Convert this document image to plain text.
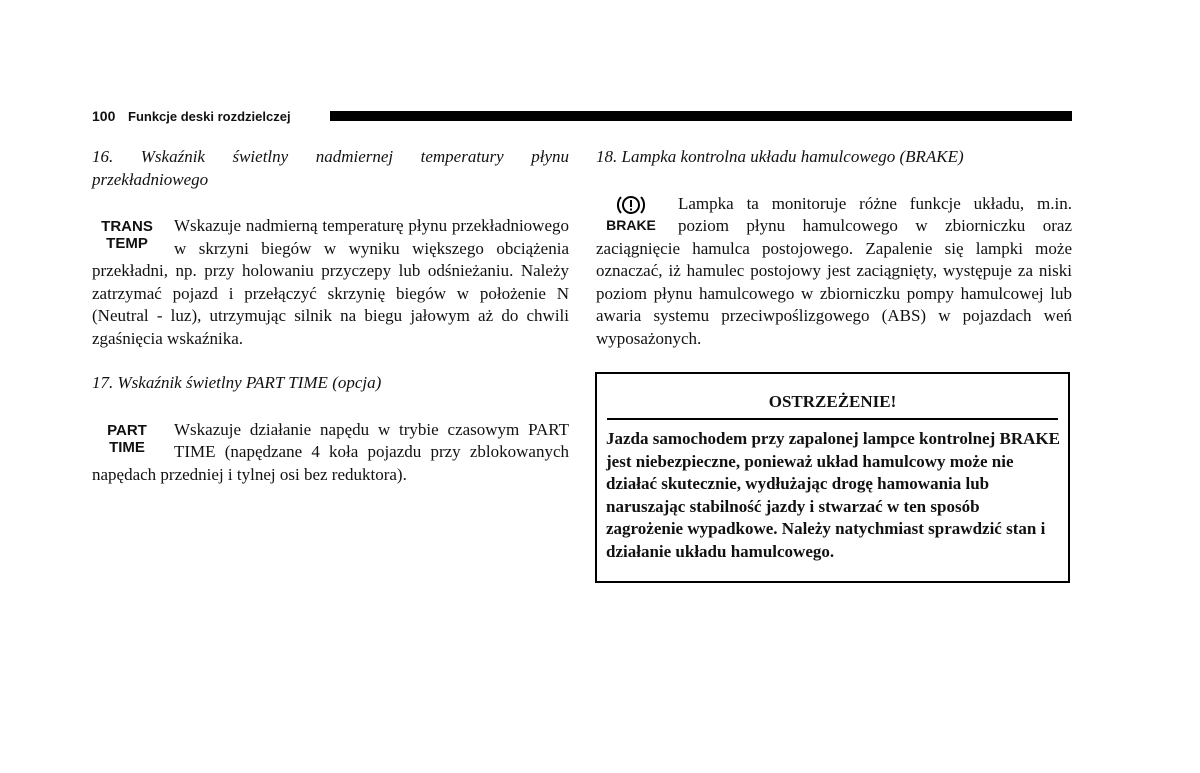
100 Funkcje deski rozdzielczej

16. Wskaźnik świetlny nadmiernej temperatury płynu przekładniowego

TRANS
TEMP

Wskazuje nadmierną temperaturę płynu przekładniowego w skrzyni biegów w wyniku większego obciążenia przekładni, np. przy holowaniu przyczepy lub odśnieżaniu. Należy zatrzymać pojazd i przełączyć skrzynię biegów w położenie N (Neutral - luz), utrzymując silnik na biegu jałowym aż do chwili zgaśnięcia wskaźnika.

17. Wskaźnik świetlny PART TIME (opcja)

PART
TIME

Wskazuje działanie napędu w trybie czasowym PART TIME (napędzane 4 koła pojazdu przy zblokowanych napędach przedniej i tylnej osi bez reduktora).

18. Lampka kontrolna układu hamulcowego (BRAKE)

BRAKE

Lampka ta monitoruje różne funkcje układu, m.in. poziom płynu hamulcowego w zbiorniczku oraz zaciągnięcie hamulca postojowego. Zapalenie się lampki może oznaczać, iż hamulec postojowy jest zaciągnięty, występuje za niski poziom płynu hamulcowego w zbiorniczku pompy hamulcowej lub awaria systemu przeciwpoślizgowego (ABS) w pojazdach weń wyposażonych.

OSTRZEŻENIE!
Jazda samochodem przy zapalonej lampce kontrolnej BRAKE jest niebezpieczne, ponieważ układ hamulcowy może nie działać skutecznie, wydłużając drogę hamowania lub naruszając stabilność jazdy i stwarzać w ten sposób zagrożenie wypadkowe. Należy natychmiast sprawdzić stan i działanie układu hamulcowego.
